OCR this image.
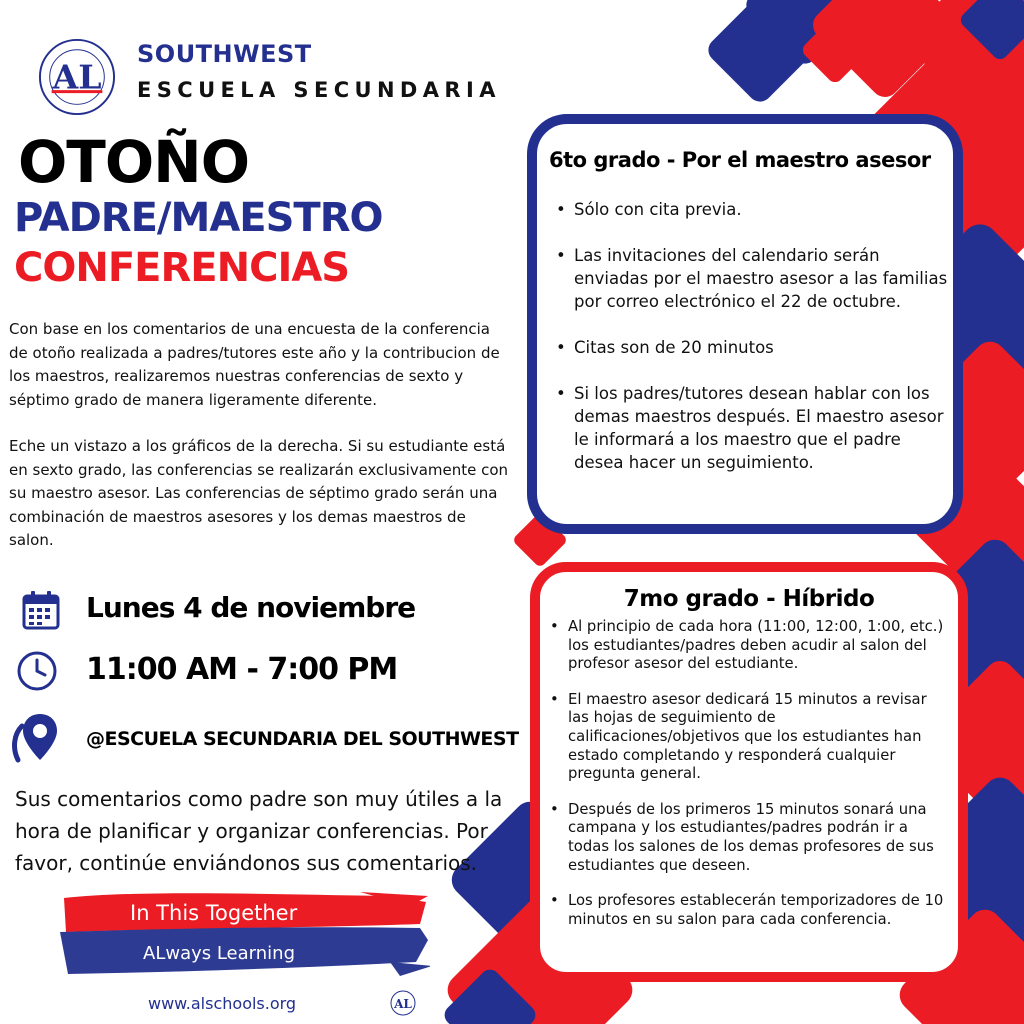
AL
SOUTHWEST
ESCUELA SECUNDARIA
OTOÑO
PADRE/MAESTRO
CONFERENCIAS

Con base en los comentarios de una encuesta de la conferencia de otoño realizada a padres/tutores este año y la contribucion de los maestros, realizaremos nuestras conferencias de sexto y séptimo grado de manera ligeramente diferente.

Eche un vistazo a los gráficos de la derecha. Si su estudiante está en sexto grado, las conferencias se realizarán exclusivamente con su maestro asesor. Las conferencias de séptimo grado serán una combinación de maestros asesores y los demas maestros de salon.

Lunes 4 de noviembre
11:00 AM - 7:00 PM
@ESCUELA SECUNDARIA DEL SOUTHWEST
Sus comentarios como padre son muy útiles a la hora de planificar y organizar conferencias. Por favor, continúe enviándonos sus comentarios.
In This Together
ALways Learning
www.alschools.org	AL
6to grado - Por el maestro asesor
• Sólo con cita previa.
• Las invitaciones del calendario serán enviadas por el maestro asesor a las familias por correo electrónico el 22 de octubre.
• Citas son de 20 minutos
• Si los padres/tutores desean hablar con los demas maestros después. El maestro asesor le informará a los maestro que el padre desea hacer un seguimiento.
7mo grado - Híbrido
• Al principio de cada hora (11:00, 12:00, 1:00, etc.) los estudiantes/padres deben acudir al salon del profesor asesor del estudiante.
• El maestro asesor dedicará 15 minutos a revisar las hojas de seguimiento de calificaciones/objetivos que los estudiantes han estado completando y responderá cualquier pregunta general.
• Después de los primeros 15 minutos sonará una campana y los estudiantes/padres podrán ir a todas los salones de los demas profesores de sus estudiantes que deseen.
• Los profesores establecerán temporizadores de 10 minutos en su salon para cada conferencia.
